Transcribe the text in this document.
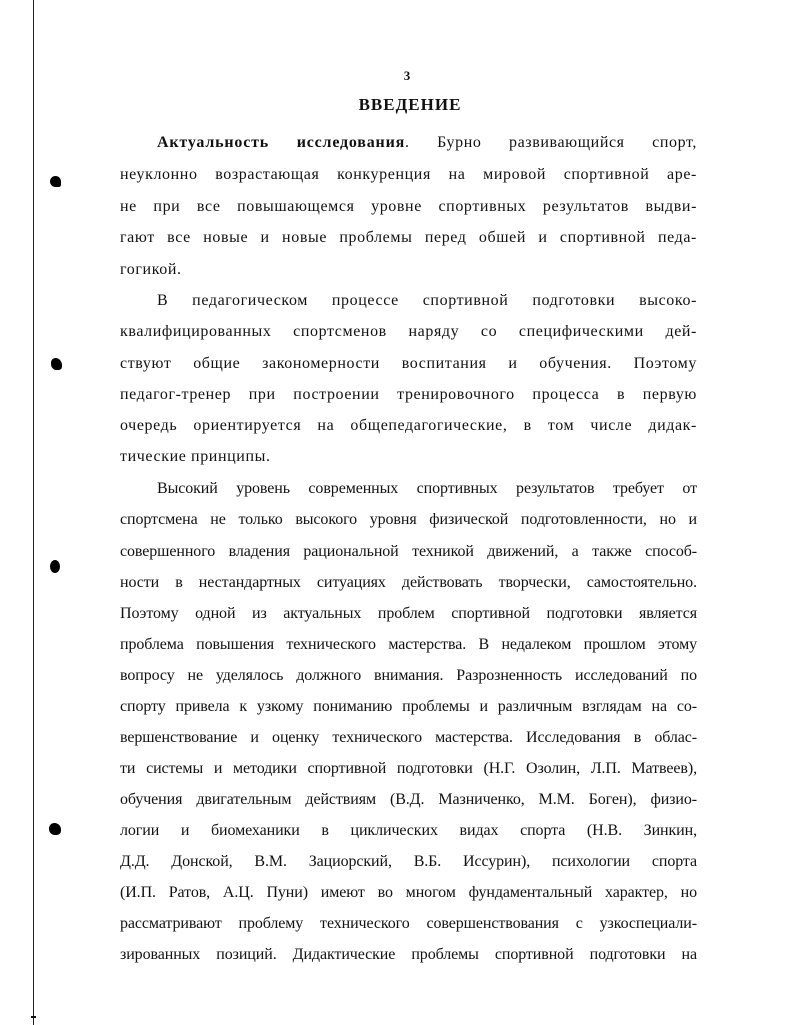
3
ВВЕДЕНИЕ
Актуальность исследования. Бурно развивающийся спорт,
неуклонно возрастающая конкуренция на мировой спортивной аре-
не при все повышающемся уровне спортивных результатов выдви-
гают все новые и новые проблемы перед обшей и спортивной педа-
гогикой.
В педагогическом процессе спортивной подготовки высоко-
квалифицированных спортсменов наряду со специфическими дей-
ствуют общие закономерности воспитания и обучения. Поэтому
педагог-тренер при построении тренировочного процесса в первую
очередь ориентируется на общепедагогические, в том числе дидак-
тические принципы.
Высокий уровень современных спортивных результатов требует от
спортсмена не только высокого уровня физической подготовленности, но и
совершенного владения рациональной техникой движений, а также способ-
ности в нестандартных ситуациях действовать творчески, самостоятельно.
Поэтому одной из актуальных проблем спортивной подготовки является
проблема повышения технического мастерства. В недалеком прошлом этому
вопросу не уделялось должного внимания. Разрозненность исследований по
спорту привела к узкому пониманию проблемы и различным взглядам на со-
вершенствование и оценку технического мастерства. Исследования в облас-
ти системы и методики спортивной подготовки (Н.Г. Озолин, Л.П. Матвеев),
обучения двигательным действиям (В.Д. Мазниченко, М.М. Боген), физио-
логии и биомеханики в циклических видах спорта (Н.В. Зинкин,
Д.Д. Донской, В.М. Зациорский, В.Б. Иссурин), психологии спорта
(И.П. Ратов, А.Ц. Пуни) имеют во многом фундаментальный характер, но
рассматривают проблему технического совершенствования с узкоспециали-
зированных позиций. Дидактические проблемы спортивной подготовки на
